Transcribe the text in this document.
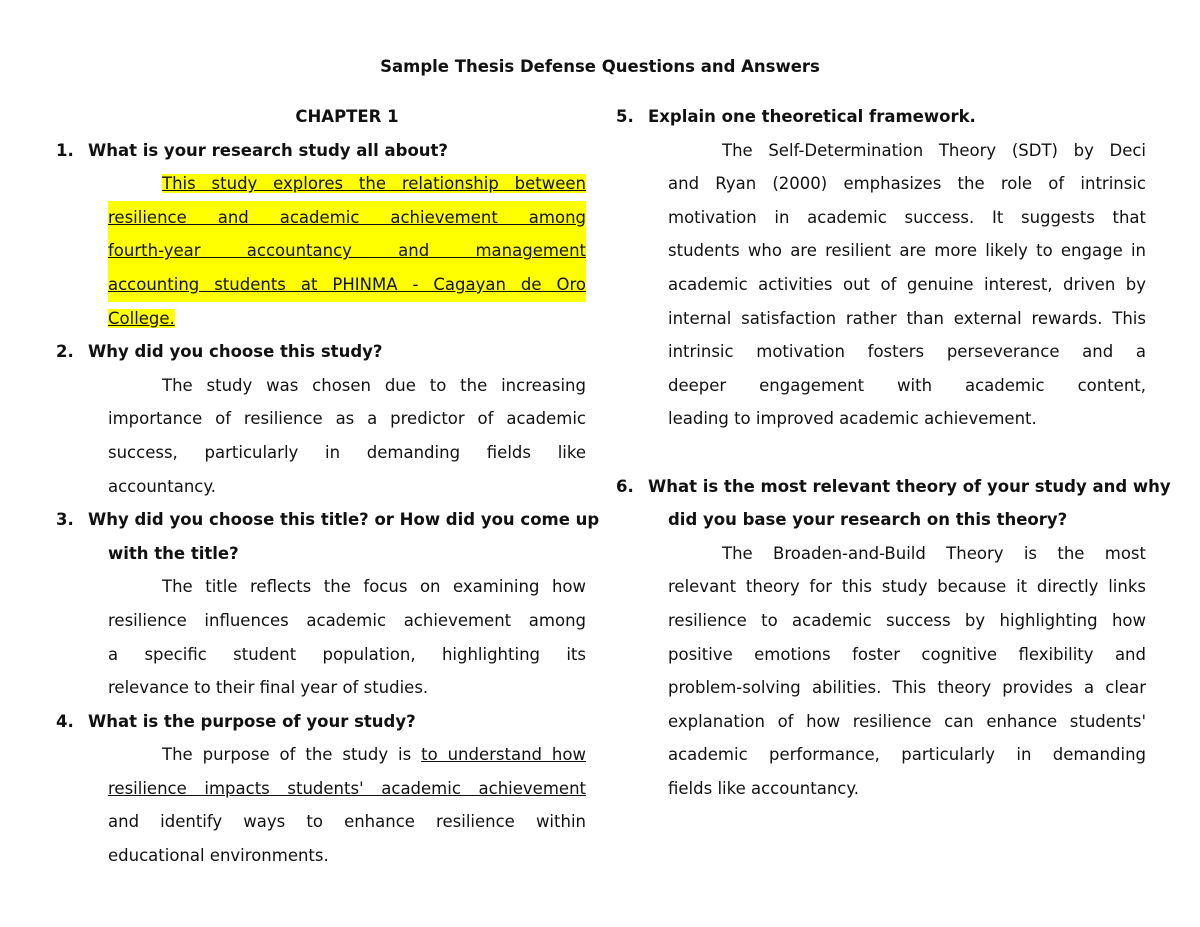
Sample Thesis Defense Questions and Answers
CHAPTER 1
1. What is your research study all about?
This study explores the relationship between
resilience and academic achievement among
fourth-year accountancy and management
accounting students at PHINMA - Cagayan de Oro
College.
2. Why did you choose this study?
The study was chosen due to the increasing
importance of resilience as a predictor of academic
success, particularly in demanding fields like
accountancy.
3. Why did you choose this title? or How did you come up
with the title?
The title reflects the focus on examining how
resilience influences academic achievement among
a specific student population, highlighting its
relevance to their final year of studies.
4. What is the purpose of your study?
The purpose of the study is to understand how
resilience impacts students' academic achievement
and identify ways to enhance resilience within
educational environments.
5. Explain one theoretical framework.
The Self-Determination Theory (SDT) by Deci
and Ryan (2000) emphasizes the role of intrinsic
motivation in academic success. It suggests that
students who are resilient are more likely to engage in
academic activities out of genuine interest, driven by
internal satisfaction rather than external rewards. This
intrinsic motivation fosters perseverance and a
deeper engagement with academic content,
leading to improved academic achievement.
6. What is the most relevant theory of your study and why
did you base your research on this theory?
The Broaden-and-Build Theory is the most
relevant theory for this study because it directly links
resilience to academic success by highlighting how
positive emotions foster cognitive flexibility and
problem-solving abilities. This theory provides a clear
explanation of how resilience can enhance students'
academic performance, particularly in demanding
fields like accountancy.
